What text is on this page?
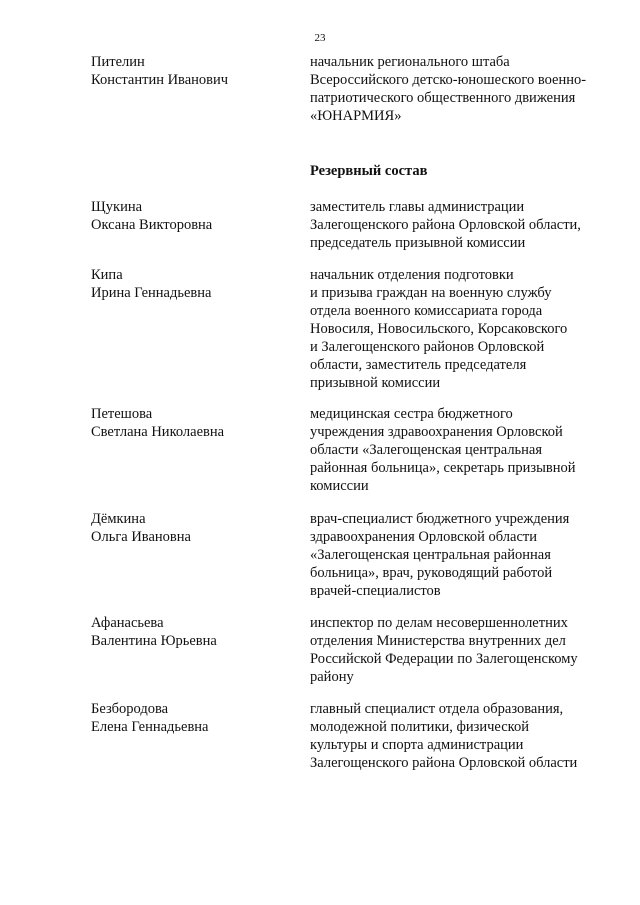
23
Пителин
Константин Иванович
начальник регионального штаба
Всероссийского детско-юношеского военно-
патриотического общественного движения
«ЮНАРМИЯ»
Резервный состав
Щукина
Оксана Викторовна
заместитель главы администрации
Залегощенского района Орловской области,
председатель призывной комиссии
Кипа
Ирина Геннадьевна
начальник отделения подготовки
и призыва граждан на военную службу
отдела военного комиссариата города
Новосиля, Новосильского, Корсаковского
и Залегощенского районов Орловской
области, заместитель председателя
призывной комиссии
Петешова
Светлана Николаевна
медицинская сестра бюджетного
учреждения здравоохранения Орловской
области «Залегощенская центральная
районная больница», секретарь призывной
комиссии
Дёмкина
Ольга Ивановна
врач-специалист бюджетного учреждения
здравоохранения Орловской области
«Залегощенская центральная районная
больница», врач, руководящий работой
врачей-специалистов
Афанасьева
Валентина Юрьевна
инспектор по делам несовершеннолетних
отделения Министерства внутренних дел
Российской Федерации по Залегощенскому
району
Безбородова
Елена Геннадьевна
главный специалист отдела образования,
молодежной политики, физической
культуры и спорта администрации
Залегощенского района Орловской области
